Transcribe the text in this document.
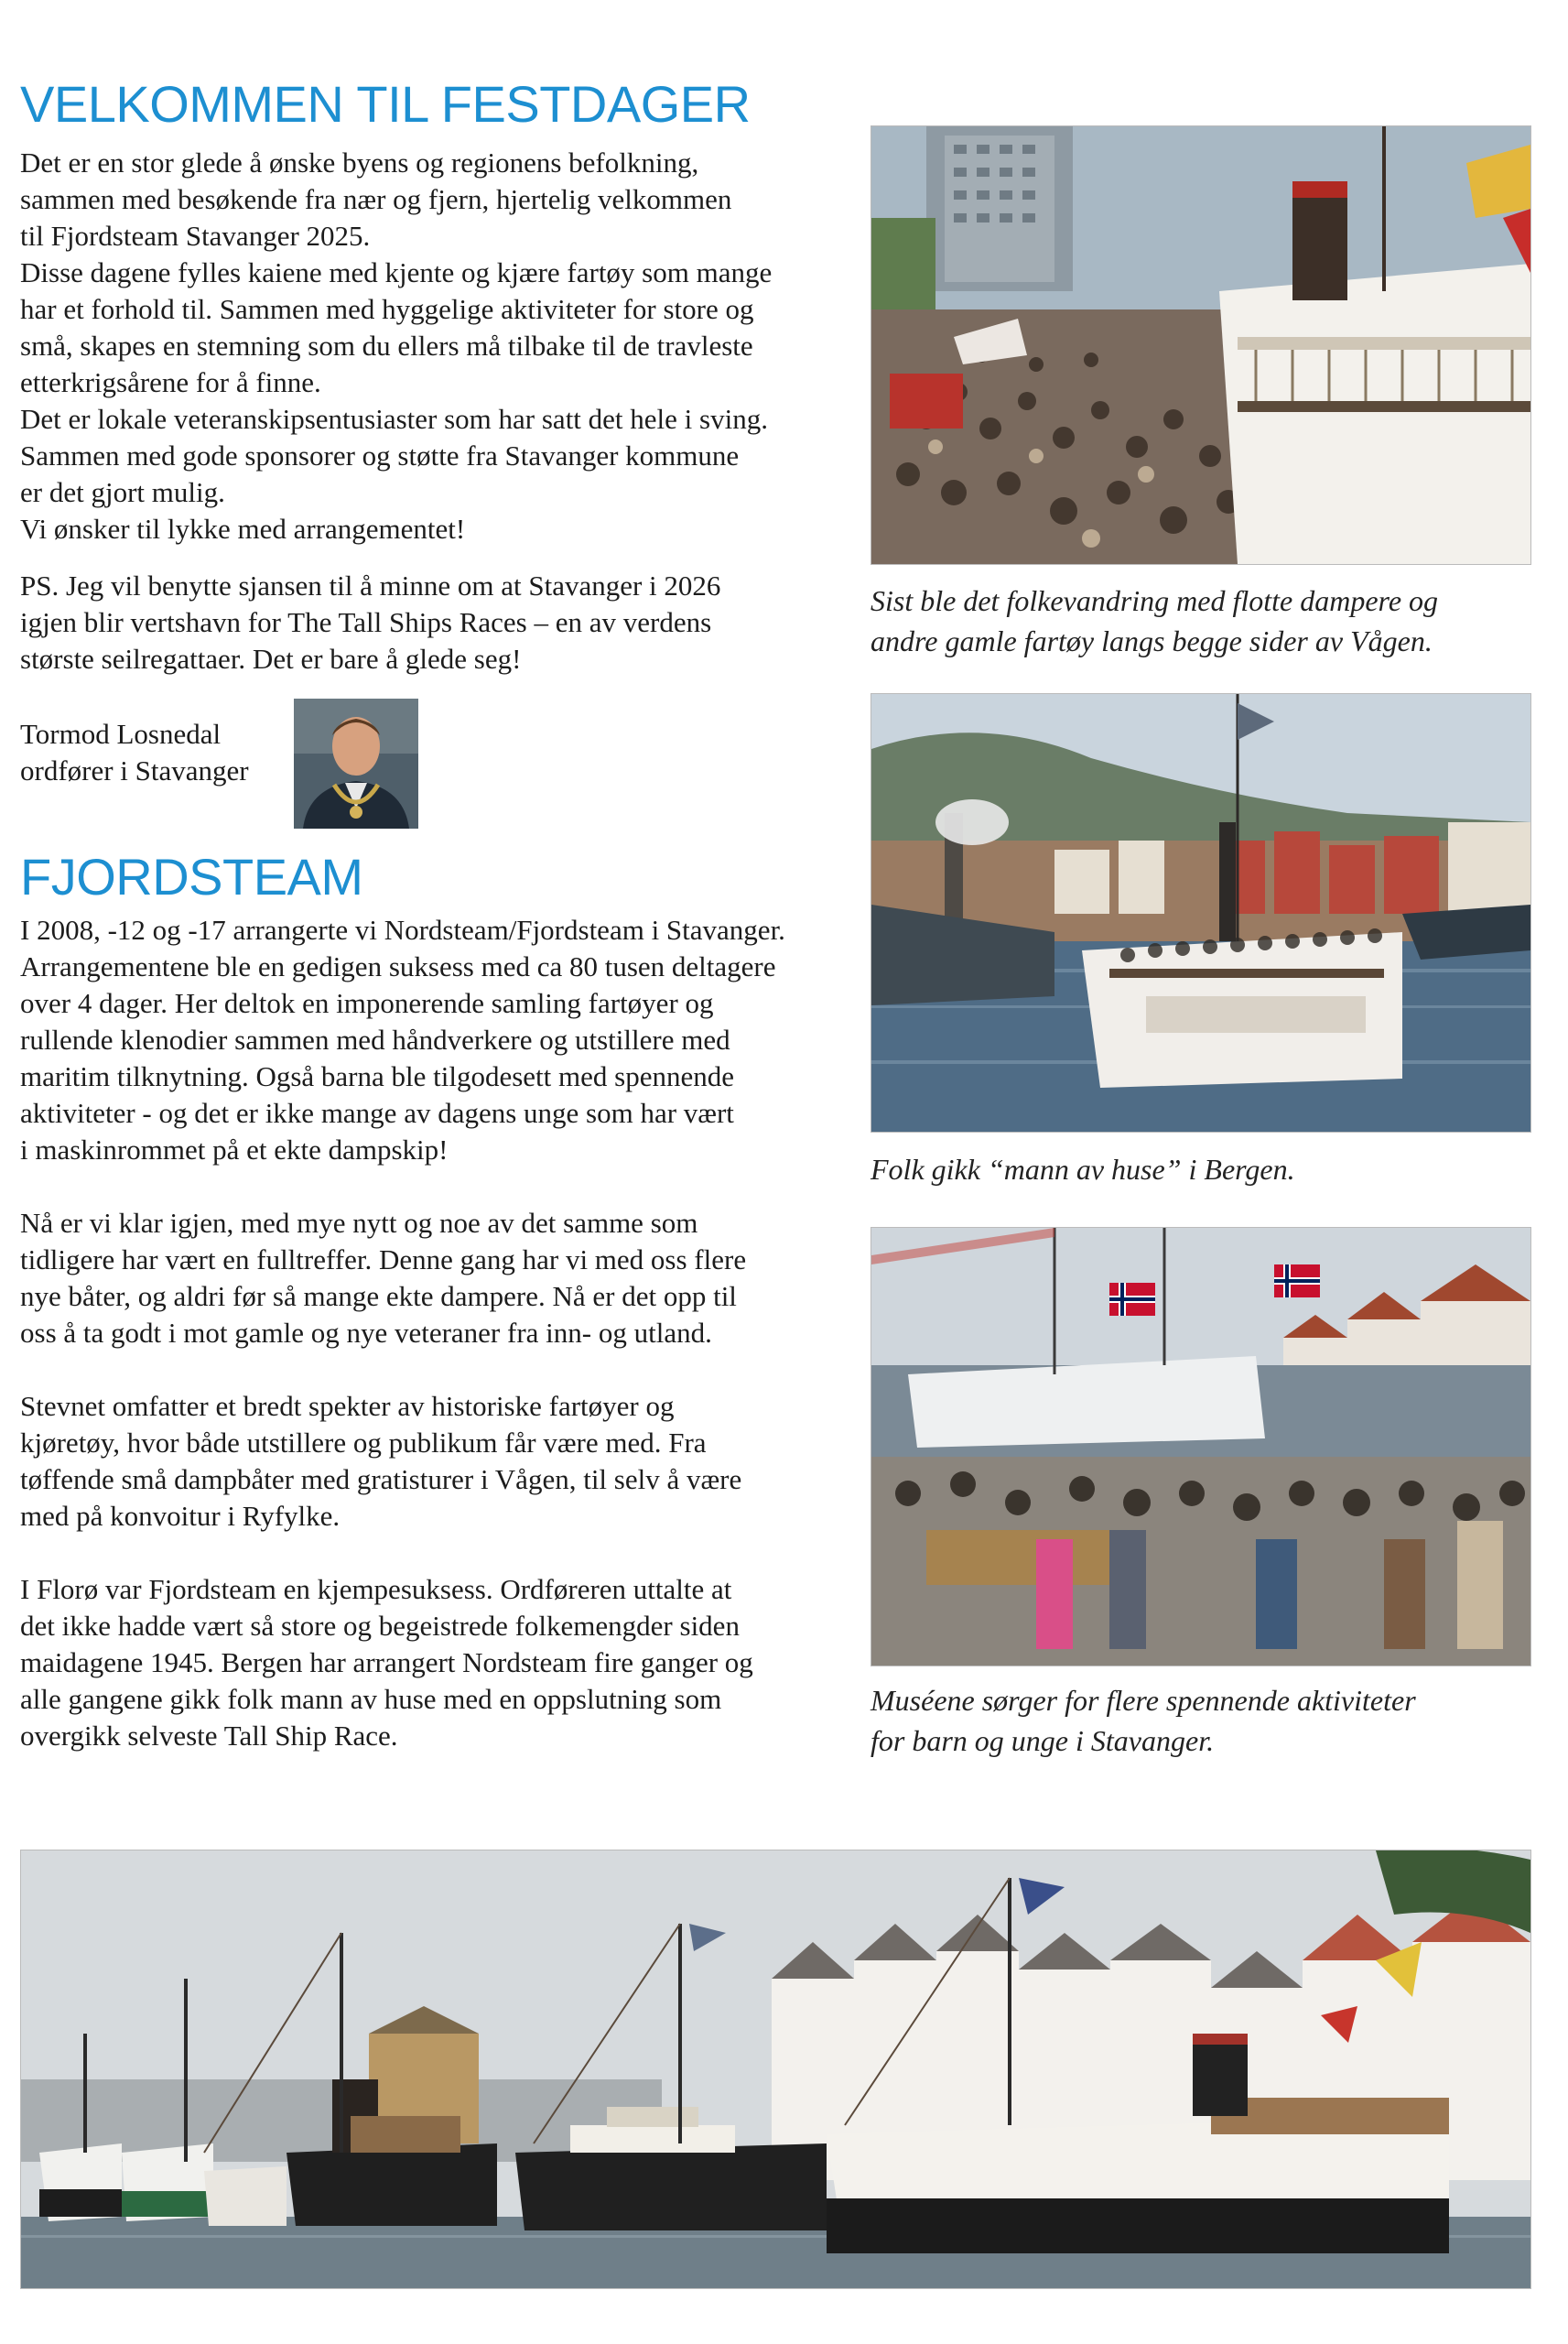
VELKOMMEN TIL FESTDAGER

Det er en stor glede å ønske byens og regionens befolkning,

sammen med besøkende fra nær og fjern, hjertelig velkommen

til Fjordsteam Stavanger 2025.

Disse dagene fylles kaiene med kjente og kjære fartøy som mange

har et forhold til. Sammen med hyggelige aktiviteter for store og

små, skapes en stemning som du ellers må tilbake til de travleste

etterkrigsårene for å finne.

Det er lokale veteranskipsentusiaster som har satt det hele i sving.

Sammen med gode sponsorer og støtte fra Stavanger kommune

er det gjort mulig.

Vi ønsker til lykke med arrangementet!

PS. Jeg vil benytte sjansen til å minne om at Stavanger i 2026

igjen blir vertshavn for The Tall Ships Races – en av verdens

største seilregattaer. Det er bare å glede seg!

Tormod Losnedal
ordfører i Stavanger
FJORDSTEAM

I 2008, -12 og -17 arrangerte vi Nordsteam/Fjordsteam i Stavanger.
Arrangementene ble en gedigen suksess med ca 80 tusen deltagere
over 4 dager. Her deltok en imponerende samling fartøyer og
rullende klenodier sammen med håndverkere og utstillere med
maritim tilknytning. Også barna ble tilgodesett med spennende
aktiviteter - og det er ikke mange av dagens unge som har vært
i maskinrommet på et ekte dampskip!

Nå er vi klar igjen, med mye nytt og noe av det samme som
tidligere har vært en fulltreffer. Denne gang har vi med oss flere
nye båter, og aldri før så mange ekte dampere. Nå er det opp til
oss å ta godt i mot gamle og nye veteraner fra inn- og utland.

Stevnet omfatter et bredt spekter av historiske fartøyer og
kjøretøy, hvor både utstillere og publikum får være med. Fra
tøffende små dampbåter med gratisturer i Vågen, til selv å være
med på konvoitur i Ryfylke.

I Florø var Fjordsteam en kjempesuksess. Ordføreren uttalte at
det ikke hadde vært så store og begeistrede folkemengder siden
maidagene 1945. Bergen har arrangert Nordsteam fire ganger og
alle gangene gikk folk mann av huse med en oppslutning som
overgikk selveste Tall Ship Race.

Sist ble det folkevandring med flotte dampere og
andre gamle fartøy langs begge sider av Vågen.
Folk gikk “mann av huse” i Bergen.
Muséene sørger for flere spennende aktiviteter
for barn og unge i Stavanger.
